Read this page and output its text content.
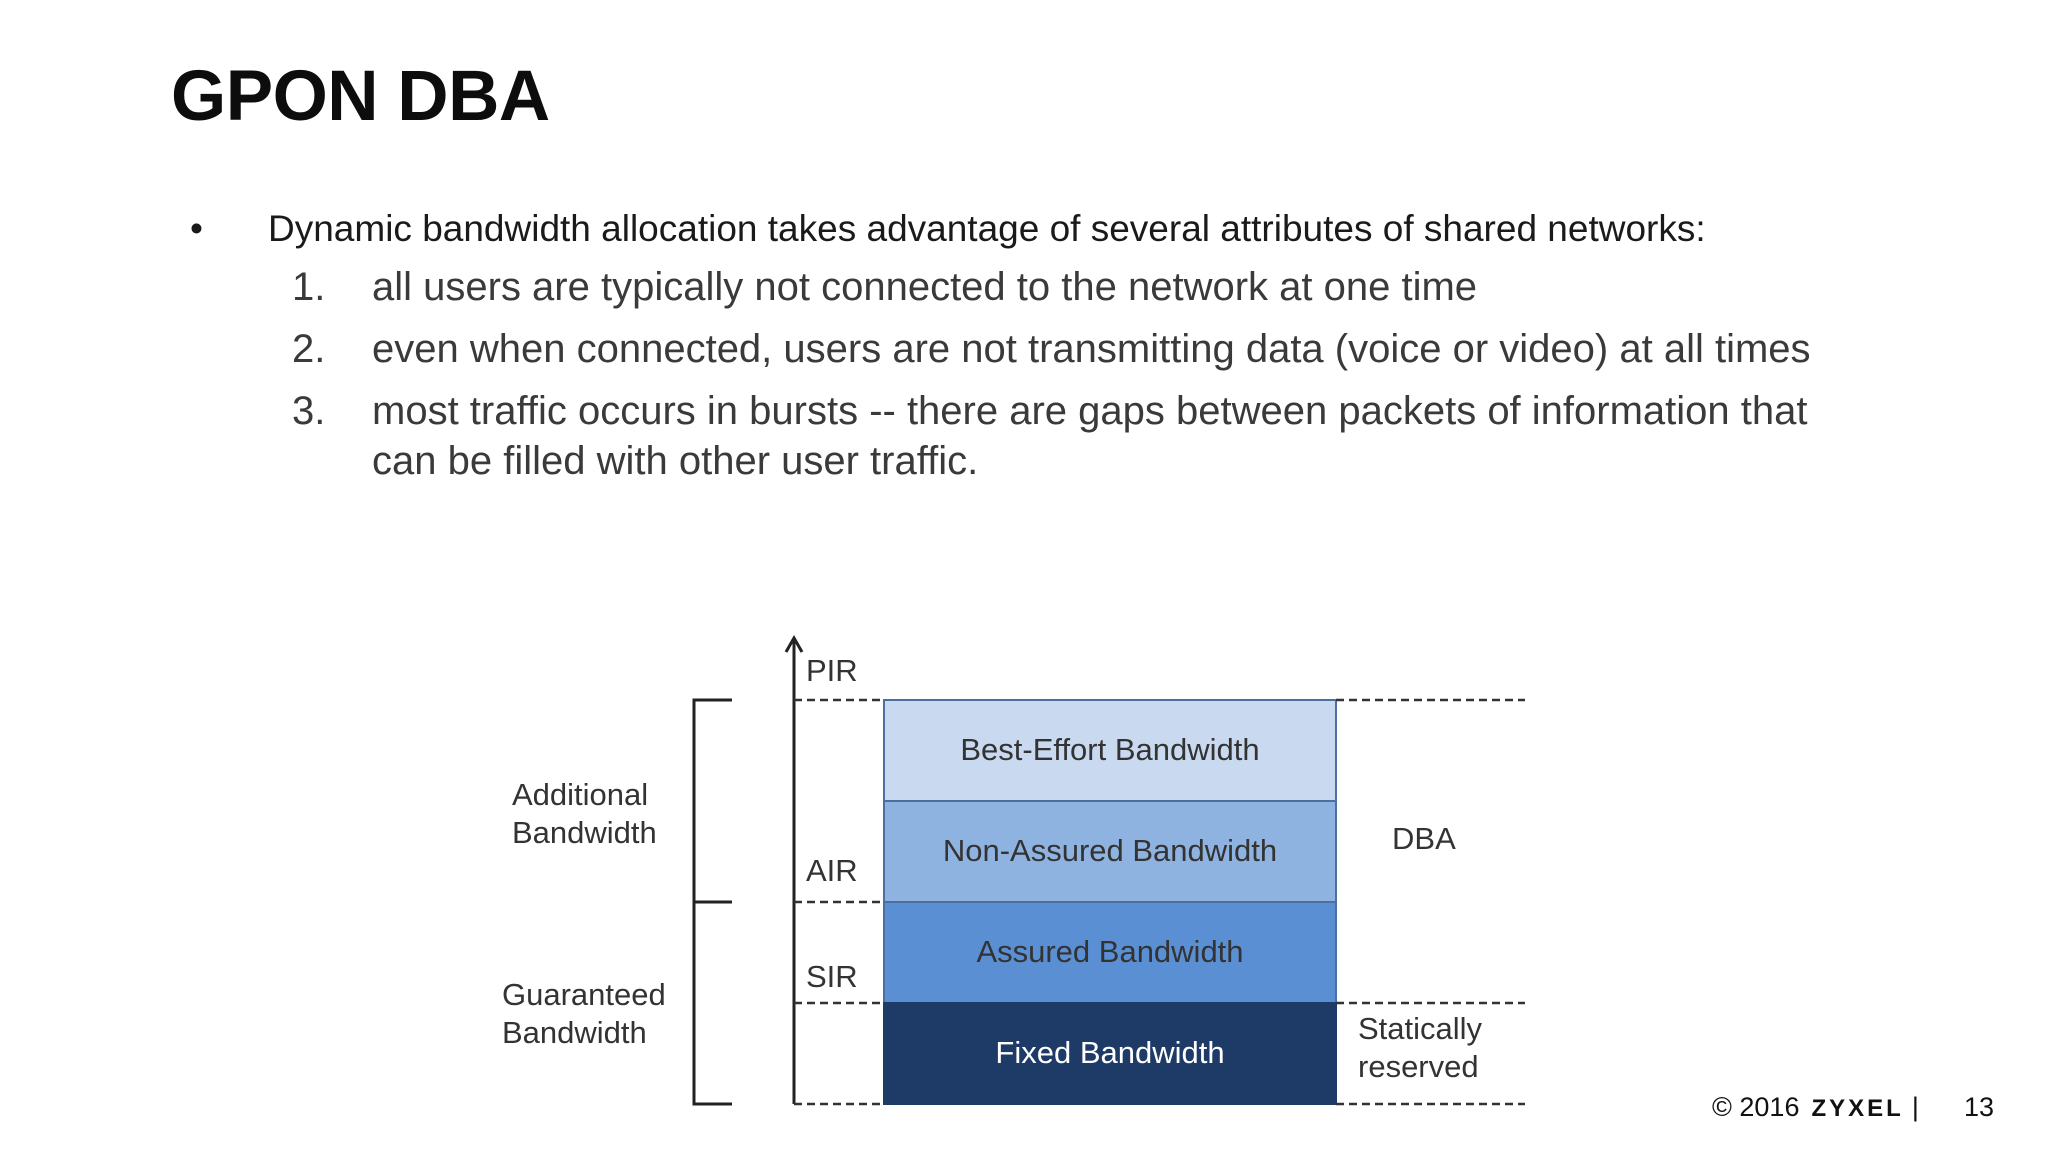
GPON DBA
• Dynamic bandwidth allocation takes advantage of several attributes of shared networks:
1. all users are typically not connected to the network at one time
2. even when connected, users are not transmitting data (voice or video) at all times
3. most traffic occurs in bursts -- there are gaps between packets of information that can be filled with other user traffic.
PIR
AIR
SIR
Best-Effort Bandwidth
Non-Assured Bandwidth
Assured Bandwidth
Fixed Bandwidth
Additional
Bandwidth
Guaranteed
Bandwidth
DBA
Statically
reserved
© 2016 ZYXEL | 13
